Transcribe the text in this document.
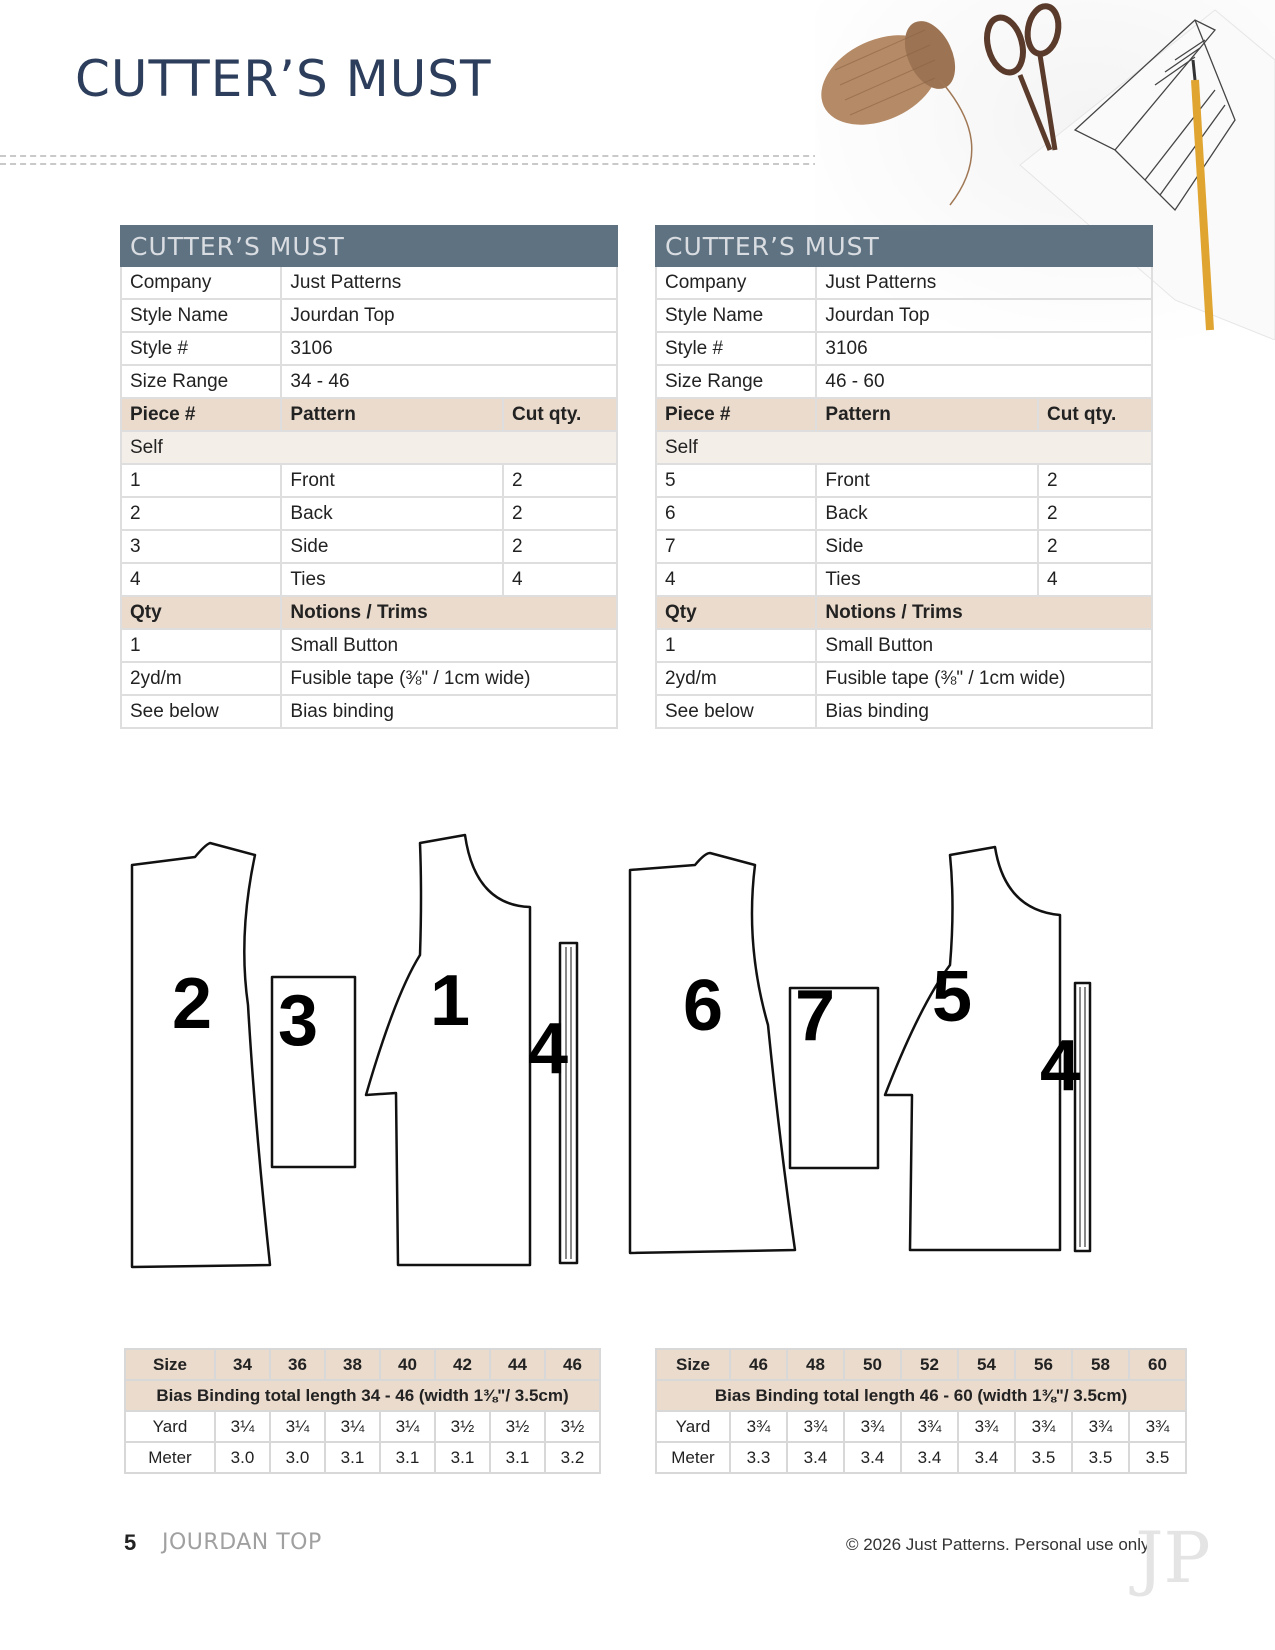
CUTTER’S MUST
CUTTER’S MUST		
Company	Just Patterns	
Style Name	Jourdan Top	
Style #	3106	
Size Range	34 - 46	
Piece #	Pattern	Cut qty.
Self		
1	Front	2
2	Back	2
3	Side	2
4	Ties	4
Qty	Notions / Trims	
1	Small Button	
2yd/m	Fusible tape (⅜" / 1cm wide)	
See below	Bias binding	
CUTTER’S MUST		
Company	Just Patterns	
Style Name	Jourdan Top	
Style #	3106	
Size Range	46 - 60	
Piece #	Pattern	Cut qty.
Self		
5	Front	2
6	Back	2
7	Side	2
4	Ties	4
Qty	Notions / Trims	
1	Small Button	
2yd/m	Fusible tape (⅜" / 1cm wide)	
See below	Bias binding	
2 3 1
4
6 7 5
4
Size	34	36	38	40	42	44	46
Bias Binding total length 34 - 46 (width 1⅜"/ 3.5cm)							
Yard	3¼	3¼	3¼	3¼	3½	3½	3½
Meter	3.0	3.0	3.1	3.1	3.1	3.1	3.2
Size	46	48	50	52	54	56	58	60
Bias Binding total length 46 - 60 (width 1⅜"/ 3.5cm)								
Yard	3¾	3¾	3¾	3¾	3¾	3¾	3¾	3¾
Meter	3.3	3.4	3.4	3.4	3.4	3.5	3.5	3.5
5 JOURDAN TOP	© 2026 Just Patterns. Personal use only.
JP
